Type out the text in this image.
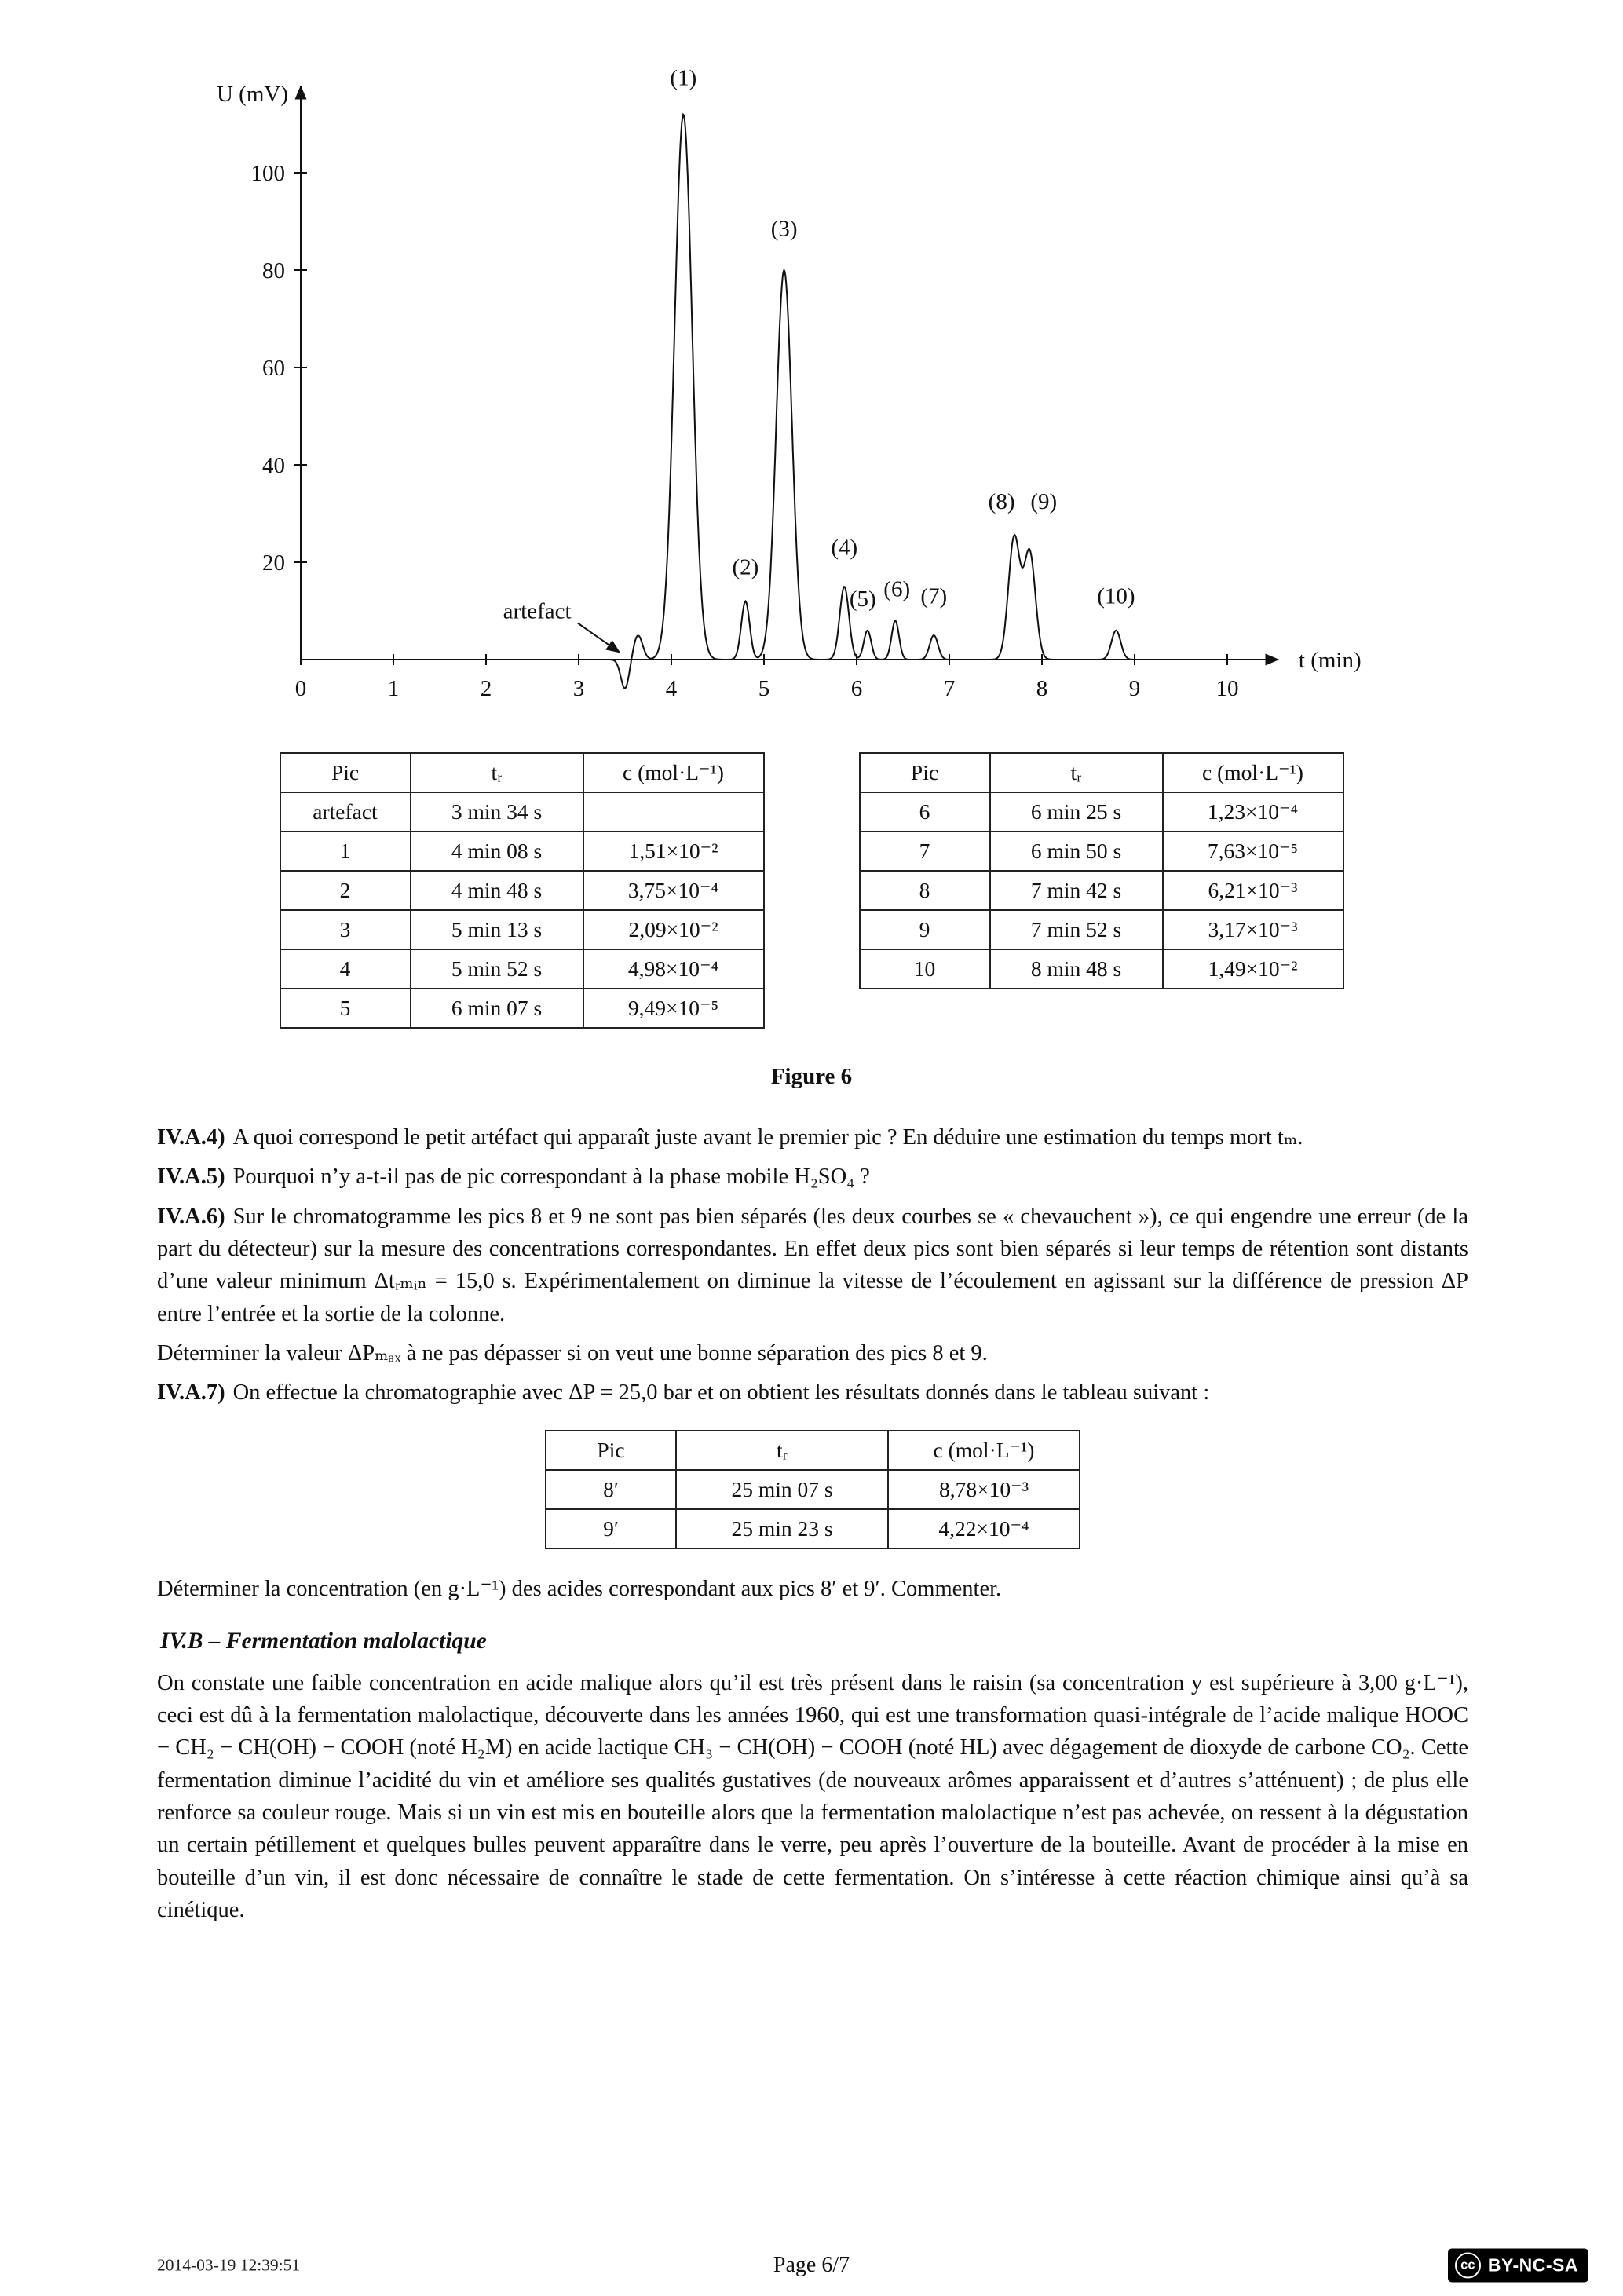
U (mV)
t (min)
0	1	2	3	4	5	6	7	8	9	10
20
40
60
80
100
(1)
(2)
(3)
(4)
(5) (6) (7)
(8) (9)
(10)
artefact
Pic	tᵣ	c (mol·L⁻¹)
artefact	3 min 34 s	
1	4 min 08 s	1,51×10⁻²
2	4 min 48 s	3,75×10⁻⁴
3	5 min 13 s	2,09×10⁻²
4	5 min 52 s	4,98×10⁻⁴
5	6 min 07 s	9,49×10⁻⁵
Pic	tᵣ	c (mol·L⁻¹)
6	6 min 25 s	1,23×10⁻⁴
7	6 min 50 s	7,63×10⁻⁵
8	7 min 42 s	6,21×10⁻³
9	7 min 52 s	3,17×10⁻³
10	8 min 48 s	1,49×10⁻²
Figure 6

IV.A.4) A quoi correspond le petit artéfact qui apparaît juste avant le premier pic ? En déduire une estimation du temps mort tₘ.

IV.A.5) Pourquoi n’y a-t-il pas de pic correspondant à la phase mobile H₂SO₄ ?

IV.A.6) Sur le chromatogramme les pics 8 et 9 ne sont pas bien séparés (les deux courbes se « chevauchent »), ce qui engendre une erreur (de la part du détecteur) sur la mesure des concentrations correspondantes. En effet deux pics sont bien séparés si leur temps de rétention sont distants d’une valeur minimum Δtᵣₘᵢₙ = 15,0 s. Expérimentalement on diminue la vitesse de l’écoulement en agissant sur la différence de pression ΔP entre l’entrée et la sortie de la colonne.

Déterminer la valeur ΔPₘₐₓ à ne pas dépasser si on veut une bonne séparation des pics 8 et 9.

IV.A.7) On effectue la chromatographie avec ΔP = 25,0 bar et on obtient les résultats donnés dans le tableau suivant :

Pic	tᵣ	c (mol·L⁻¹)
8′	25 min 07 s	8,78×10⁻³
9′	25 min 23 s	4,22×10⁻⁴

Déterminer la concentration (en g·L⁻¹) des acides correspondant aux pics 8′ et 9′. Commenter.

IV.B – Fermentation malolactique

On constate une faible concentration en acide malique alors qu’il est très présent dans le raisin (sa concentration y est supérieure à 3,00 g·L⁻¹), ceci est dû à la fermentation malolactique, découverte dans les années 1960, qui est une transformation quasi-intégrale de l’acide malique HOOC − CH₂ − CH(OH) − COOH (noté H₂M) en acide lactique CH₃ − CH(OH) − COOH (noté HL) avec dégagement de dioxyde de carbone CO₂. Cette fermentation diminue l’acidité du vin et améliore ses qualités gustatives (de nouveaux arômes apparaissent et d’autres s’atténuent) ; de plus elle renforce sa couleur rouge. Mais si un vin est mis en bouteille alors que la fermentation malolactique n’est pas achevée, on ressent à la dégustation un certain pétillement et quelques bulles peuvent apparaître dans le verre, peu après l’ouverture de la bouteille. Avant de procéder à la mise en bouteille d’un vin, il est donc nécessaire de connaître le stade de cette fermentation. On s’intéresse à cette réaction chimique ainsi qu’à sa cinétique.

2014-03-19 12:39:51	Page 6/7	cc BY-NC-SA
